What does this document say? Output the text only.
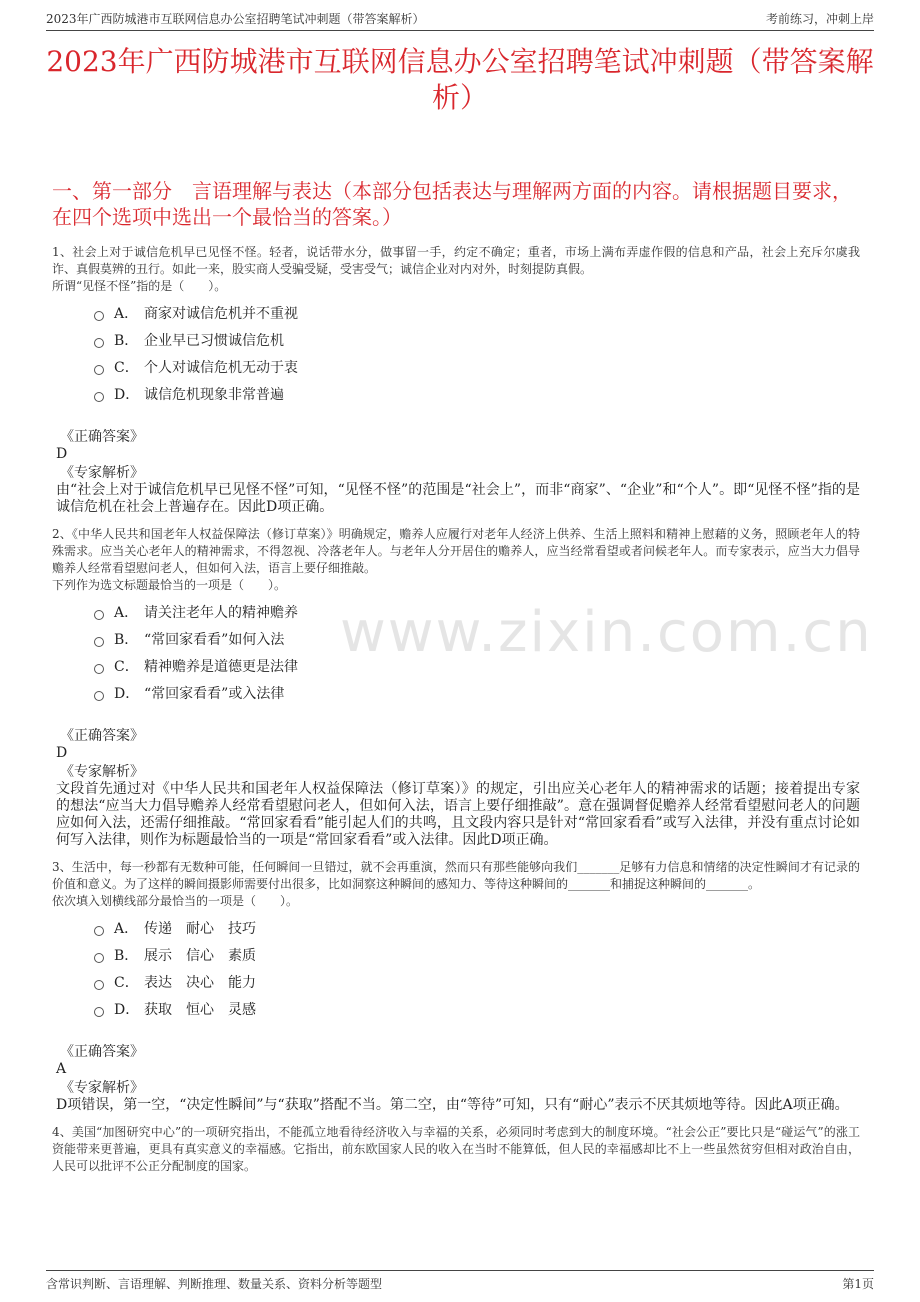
2023年广西防城港市互联网信息办公室招聘笔试冲刺题（带答案解析）	考前练习，冲刺上岸
2023年广西防城港市互联网信息办公室招聘笔试冲刺题（带答案解析）
一、第一部分　言语理解与表达（本部分包括表达与理解两方面的内容。请根据题目要求，在四个选项中选出一个最恰当的答案。）

1、社会上对于诚信危机早已见怪不怪。轻者，说话带水分，做事留一手，约定不确定；重者，市场上满布弄虚作假的信息和产品，社会上充斥尔虞我诈、真假莫辨的丑行。如此一来，股实商人受骗受疑，受害受气；诚信企业对内对外，时刻提防真假。

所谓“见怪不怪”指的是（　　）。

A． 商家对诚信危机并不重视
B． 企业早已习惯诚信危机
C． 个人对诚信危机无动于衷
D． 诚信危机现象非常普遍

《正确答案》

D

《专家解析》

由“社会上对于诚信危机早已见怪不怪”可知，“见怪不怪”的范围是“社会上”，而非“商家”、“企业”和“个人”。即“见怪不怪”指的是诚信危机在社会上普遍存在。因此D项正确。

2、《中华人民共和国老年人权益保障法（修订草案）》明确规定，赡养人应履行对老年人经济上供养、生活上照料和精神上慰藉的义务，照顾老年人的特殊需求。应当关心老年人的精神需求，不得忽视、冷落老年人。与老年人分开居住的赡养人，应当经常看望或者问候老年人。而专家表示，应当大力倡导赡养人经常看望慰问老人，但如何入法，语言上要仔细推敲。

下列作为选文标题最恰当的一项是（　　）。

A． 请关注老年人的精神赡养
B． “常回家看看”如何入法
C． 精神赡养是道德更是法律
D． “常回家看看”或入法律

《正确答案》

D

《专家解析》

文段首先通过对《中华人民共和国老年人权益保障法（修订草案）》的规定，引出应关心老年人的精神需求的话题；接着提出专家的想法“应当大力倡导赡养人经常看望慰问老人，但如何入法，语言上要仔细推敲”。意在强调督促赡养人经常看望慰问老人的问题应如何入法，还需仔细推敲。“常回家看看”能引起人们的共鸣，且文段内容只是针对“常回家看看”或写入法律，并没有重点讨论如何写入法律，则作为标题最恰当的一项是“常回家看看”或入法律。因此D项正确。

3、生活中，每一秒都有无数种可能，任何瞬间一旦错过，就不会再重演，然而只有那些能够向我们_______足够有力信息和情绪的决定性瞬间才有记录的价值和意义。为了这样的瞬间摄影师需要付出很多，比如洞察这种瞬间的感知力、等待这种瞬间的_______和捕捉这种瞬间的_______。

依次填入划横线部分最恰当的一项是（　　）。

A． 传递　耐心　技巧
B． 展示　信心　素质
C． 表达　决心　能力
D． 获取　恒心　灵感

《正确答案》

A

《专家解析》

D项错误，第一空，“决定性瞬间”与“获取”搭配不当。第二空，由“等待”可知，只有“耐心”表示不厌其烦地等待。因此A项正确。

4、美国“加图研究中心”的一项研究指出，不能孤立地看待经济收入与幸福的关系，必须同时考虑到大的制度环境。“社会公正”要比只是“碰运气”的涨工资能带来更普遍，更具有真实意义的幸福感。它指出，前东欧国家人民的收入在当时不能算低，但人民的幸福感却比不上一些虽然贫穷但相对政治自由，人民可以批评不公正分配制度的国家。

www.zixin.com.cn
含常识判断、言语理解、判断推理、数量关系、资料分析等题型	第1页
